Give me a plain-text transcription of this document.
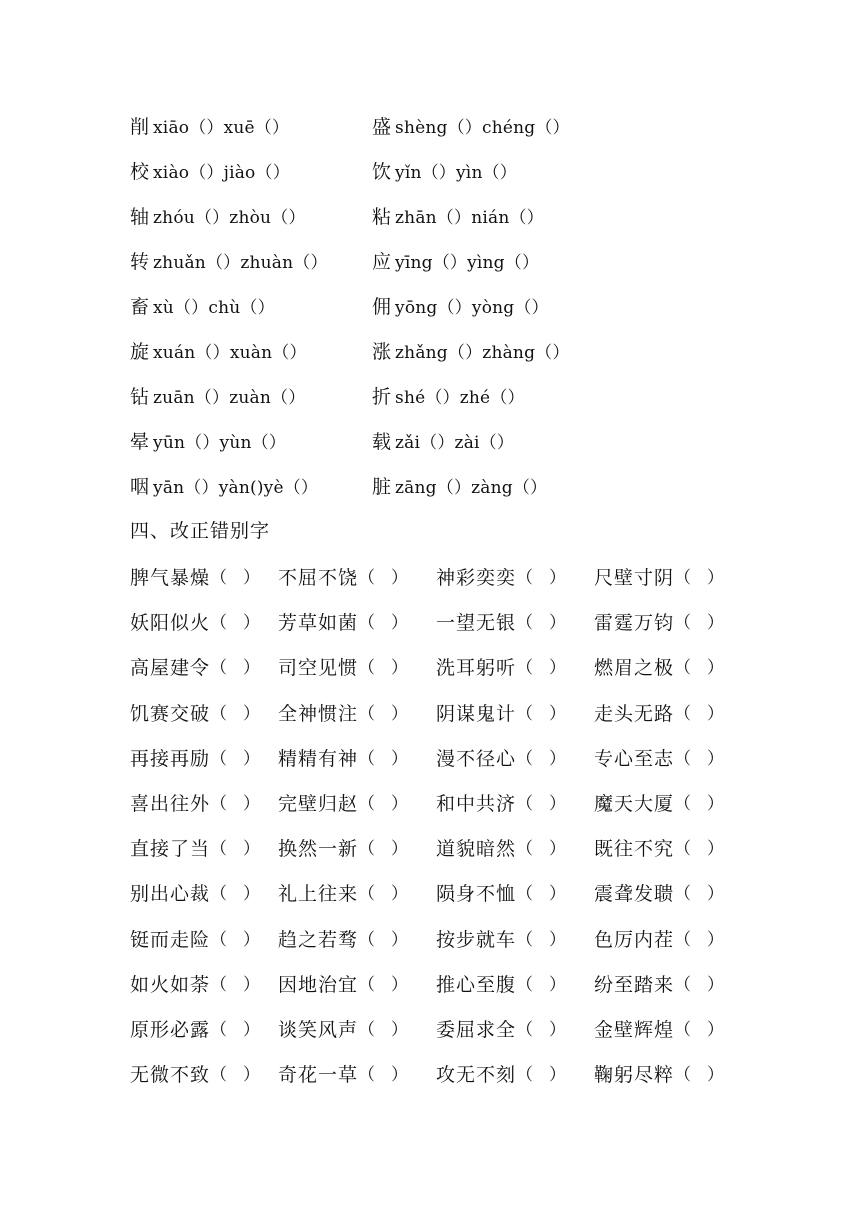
削 xiāo（）xuē（）	盛 shèng（）chéng（）
校 xiào（）jiào（）	饮 yǐn（）yìn（）
轴 zhóu（）zhòu（）	粘 zhān（）nián（）
转 zhuǎn（）zhuàn（） 应 yīng（）yìng（）
畜 xù（）chù（）	佣 yōng（）yòng（）
旋 xuán（）xuàn（）	涨 zhǎng（）zhàng（）
钻 zuān（）zuàn（）	折 shé（）zhé（）
晕 yūn（）yùn（）	载 zǎi（）zài（）
咽 yān（）yàn()yè（）	脏 zāng（）zàng（）
四、改正错别字
脾气暴燥 （ ） 不屈不饶 （ ） 神彩奕奕 （ ） 尺壁寸阴 （ ）
妖阳似火 （ ） 芳草如菌 （ ） 一望无银 （ ） 雷霆万钧 （ ）
高屋建令 （ ） 司空见惯 （ ） 洗耳躬听 （ ） 燃眉之极 （ ）
饥赛交破 （ ） 全神惯注 （ ） 阴谋鬼计 （ ） 走头无路 （ ）
再接再励 （ ） 精精有神 （ ） 漫不径心 （ ） 专心至志 （ ）
喜出往外 （ ） 完壁归赵 （ ） 和中共济 （ ） 魔天大厦 （ ）
直接了当 （ ） 换然一新 （ ） 道貌暗然 （ ） 既往不究 （ ）
别出心裁 （ ） 礼上往来 （ ） 陨身不恤 （ ） 震聋发聩 （ ）
铤而走险 （ ） 趋之若骛 （ ） 按步就车 （ ） 色厉内茬 （ ）
如火如荼 （ ） 因地治宜 （ ） 推心至腹 （ ） 纷至踏来 （ ）
原形必露 （ ） 谈笑风声 （ ） 委屈求全 （ ） 金壁辉煌 （ ）
无微不致 （ ） 奇花一草 （ ） 攻无不刻 （ ） 鞠躬尽粹 （ ）
